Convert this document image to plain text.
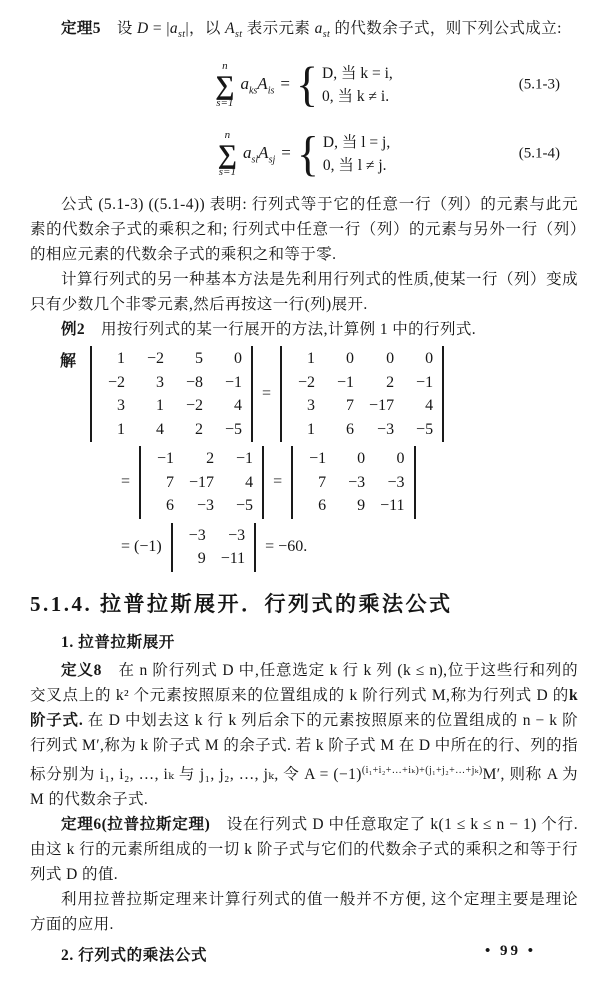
定理5　设 $D = |a_{st}|$，以 $A_{st}$ 表示元素 $a_{st}$ 的代数余子式，则下列公式成立:

n
∑
s=1
$a_{ks}A_{is}$ = { D, 当 k = i,
0, 当 k ≠ i.
(5.1-3)
n
∑
s=1
$a_{sl}A_{sj}$ = { D, 当 l = j,
0, 当 l ≠ j.
(5.1-4)

公式 (5.1-3) ((5.1-4)) 表明: 行列式等于它的任意一行（列）的元素与此元素的代数余子式的乘积之和; 行列式中任意一行（列）的元素与另外一行（列）的相应元素的代数余子式的乘积之和等于零.

计算行列式的另一种基本方法是先利用行列式的性质,使某一行（列）变成只有少数几个非零元素,然后再按这一行(列)展开.

例2　用按行列式的某一行展开的方法,计算例 1 中的行列式.

解	1	−2	5	0
−2	3	−8	−1
3	1	−2	4
1	4	2	−5
=
1	0	0	0
−2	−1	2	−1
3	7 −17	4
1	6	−3	−5
=
−1	2	−1
7 −17	4
6	−3	−5
=
−1	0	0
7	−3	−3
6	9 −11
= (−1)
−3	−3
9 −11
= −60.
5.1.4. 拉普拉斯展开．行列式的乘法公式

1. 拉普拉斯展开

定义8　在 n 阶行列式 D 中,任意选定 k 行 k 列 (k ≤ n),位于这些行和列的交叉点上的 k² 个元素按照原来的位置组成的 k 阶行列式 M,称为行列式 D 的k 阶子式. 在 D 中划去这 k 行 k 列后余下的元素按照原来的位置组成的 n − k 阶行列式 M′,称为 k 阶子式 M 的余子式. 若 k 阶子式 M 在 D 中所在的行、列的指标分别为 i₁, i₂, …, iₖ 与 j₁, j₂, …, jₖ, 令 $A = (-1)^{(i_1+i_2+\dots+i_k)+(j_1+j_2+\dots+j_k)}M'$, 则称 A 为 M 的代数余子式.

定理6(拉普拉斯定理)　设在行列式 D 中任意取定了 k(1 ≤ k ≤ n − 1) 个行. 由这 k 行的元素所组成的一切 k 阶子式与它们的代数余子式的乘积之和等于行列式 D 的值.

利用拉普拉斯定理来计算行列式的值一般并不方便, 这个定理主要是理论方面的应用.

2. 行列式的乘法公式	• 99 •
